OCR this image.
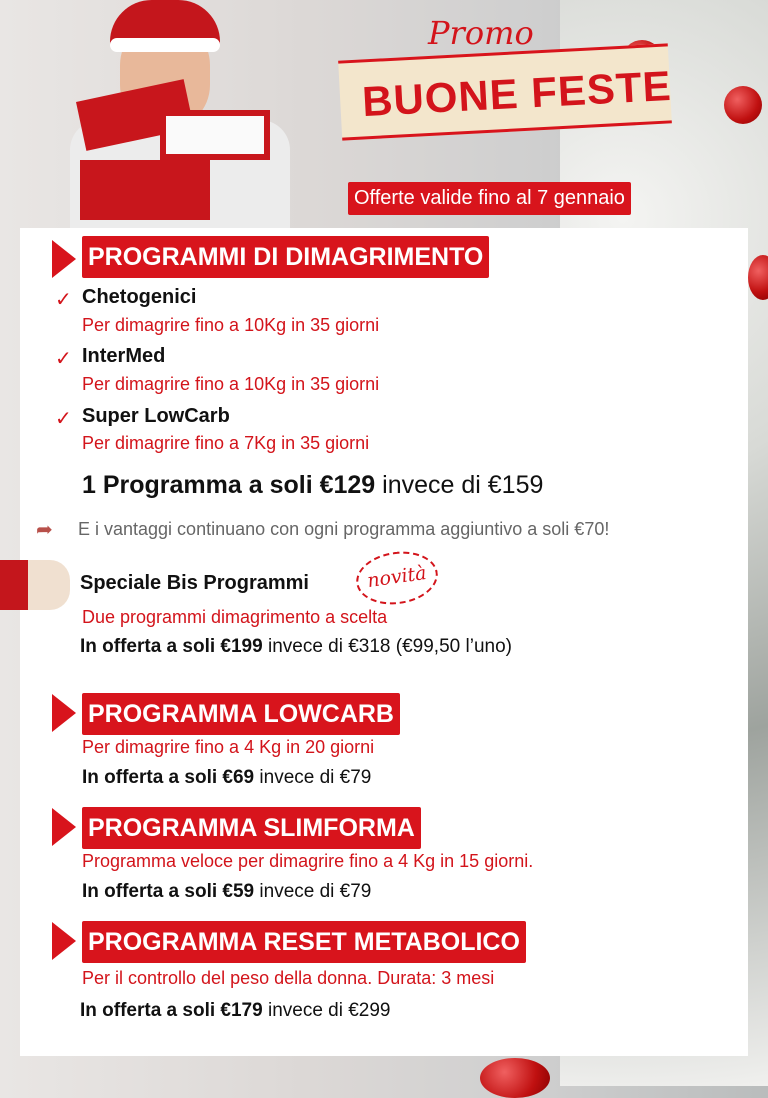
Promo
BUONE FESTE
Offerte valide fino al 7 gennaio
PROGRAMMI DI DIMAGRIMENTO
✓ Chetogenici
Per dimagrire fino a 10Kg in 35 giorni
✓ InterMed
Per dimagrire fino a 10Kg in 35 giorni
✓ Super LowCarb
Per dimagrire fino a 7Kg in 35 giorni
1 Programma a soli €129 invece di €159
➦ E i vantaggi continuano con ogni programma aggiuntivo a soli €70!
Speciale Bis Programmi	novità
Due programmi dimagrimento a scelta
In offerta a soli €199 invece di €318 (€99,50 l’uno)
PROGRAMMA LOWCARB
Per dimagrire fino a 4 Kg in 20 giorni
In offerta a soli €69 invece di €79
PROGRAMMA SLIMFORMA
Programma veloce per dimagrire fino a 4 Kg in 15 giorni.
In offerta a soli €59 invece di €79
PROGRAMMA RESET METABOLICO
Per il controllo del peso della donna. Durata: 3 mesi
In offerta a soli €179 invece di €299
